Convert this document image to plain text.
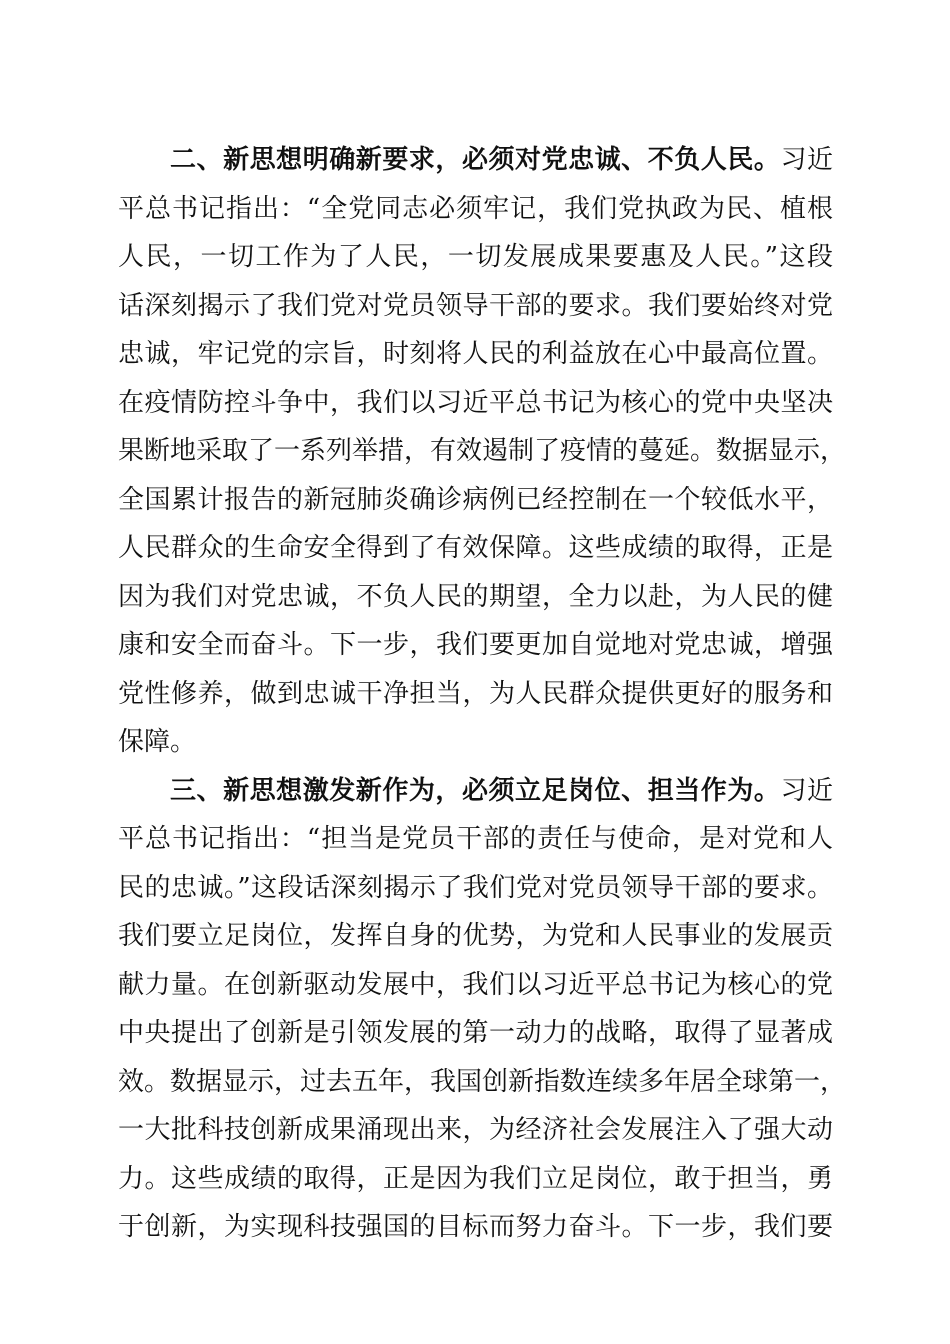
二、新思想明确新要求，必须对党忠诚、不负人民。习近
平总书记指出：“全党同志必须牢记，我们党执政为民、植根
人民，一切工作为了人民，一切发展成果要惠及人民。”这段
话深刻揭示了我们党对党员领导干部的要求。我们要始终对党
忠诚，牢记党的宗旨，时刻将人民的利益放在心中最高位置。
在疫情防控斗争中，我们以习近平总书记为核心的党中央坚决
果断地采取了一系列举措，有效遏制了疫情的蔓延。数据显示，
全国累计报告的新冠肺炎确诊病例已经控制在一个较低水平，
人民群众的生命安全得到了有效保障。这些成绩的取得，正是
因为我们对党忠诚，不负人民的期望，全力以赴，为人民的健
康和安全而奋斗。下一步，我们要更加自觉地对党忠诚，增强
党性修养，做到忠诚干净担当，为人民群众提供更好的服务和
保障。
三、新思想激发新作为，必须立足岗位、担当作为。习近
平总书记指出：“担当是党员干部的责任与使命，是对党和人
民的忠诚。”这段话深刻揭示了我们党对党员领导干部的要求。
我们要立足岗位，发挥自身的优势，为党和人民事业的发展贡
献力量。在创新驱动发展中，我们以习近平总书记为核心的党
中央提出了创新是引领发展的第一动力的战略，取得了显著成
效。数据显示，过去五年，我国创新指数连续多年居全球第一，
一大批科技创新成果涌现出来，为经济社会发展注入了强大动
力。这些成绩的取得，正是因为我们立足岗位，敢于担当，勇
于创新，为实现科技强国的目标而努力奋斗。下一步，我们要
